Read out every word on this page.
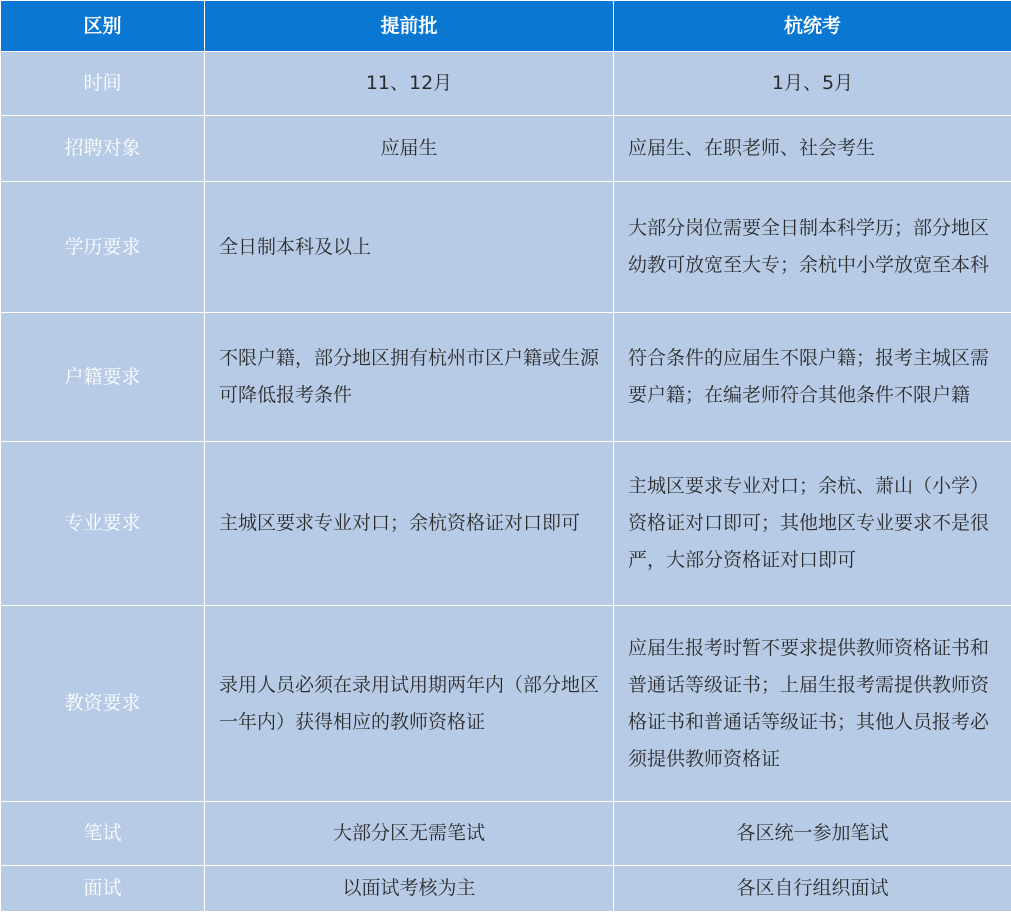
区别	提前批	杭统考
时间	11、12月	1月、5月
招聘对象	应届生	应届生、在职老师、社会考生
学历要求	全日制本科及以上	大部分岗位需要全日制本科学历；部分地区幼教可放宽至大专；余杭中小学放宽至本科
户籍要求	不限户籍，部分地区拥有杭州市区户籍或生源可降低报考条件	符合条件的应届生不限户籍；报考主城区需要户籍；在编老师符合其他条件不限户籍
专业要求	主城区要求专业对口；余杭资格证对口即可	主城区要求专业对口；余杭、萧山（小学）资格证对口即可；其他地区专业要求不是很严，大部分资格证对口即可
教资要求	录用人员必须在录用试用期两年内（部分地区一年内）获得相应的教师资格证	应届生报考时暂不要求提供教师资格证书和普通话等级证书；上届生报考需提供教师资格证书和普通话等级证书；其他人员报考必须提供教师资格证
笔试	大部分区无需笔试	各区统一参加笔试
面试	以面试考核为主	各区自行组织面试
